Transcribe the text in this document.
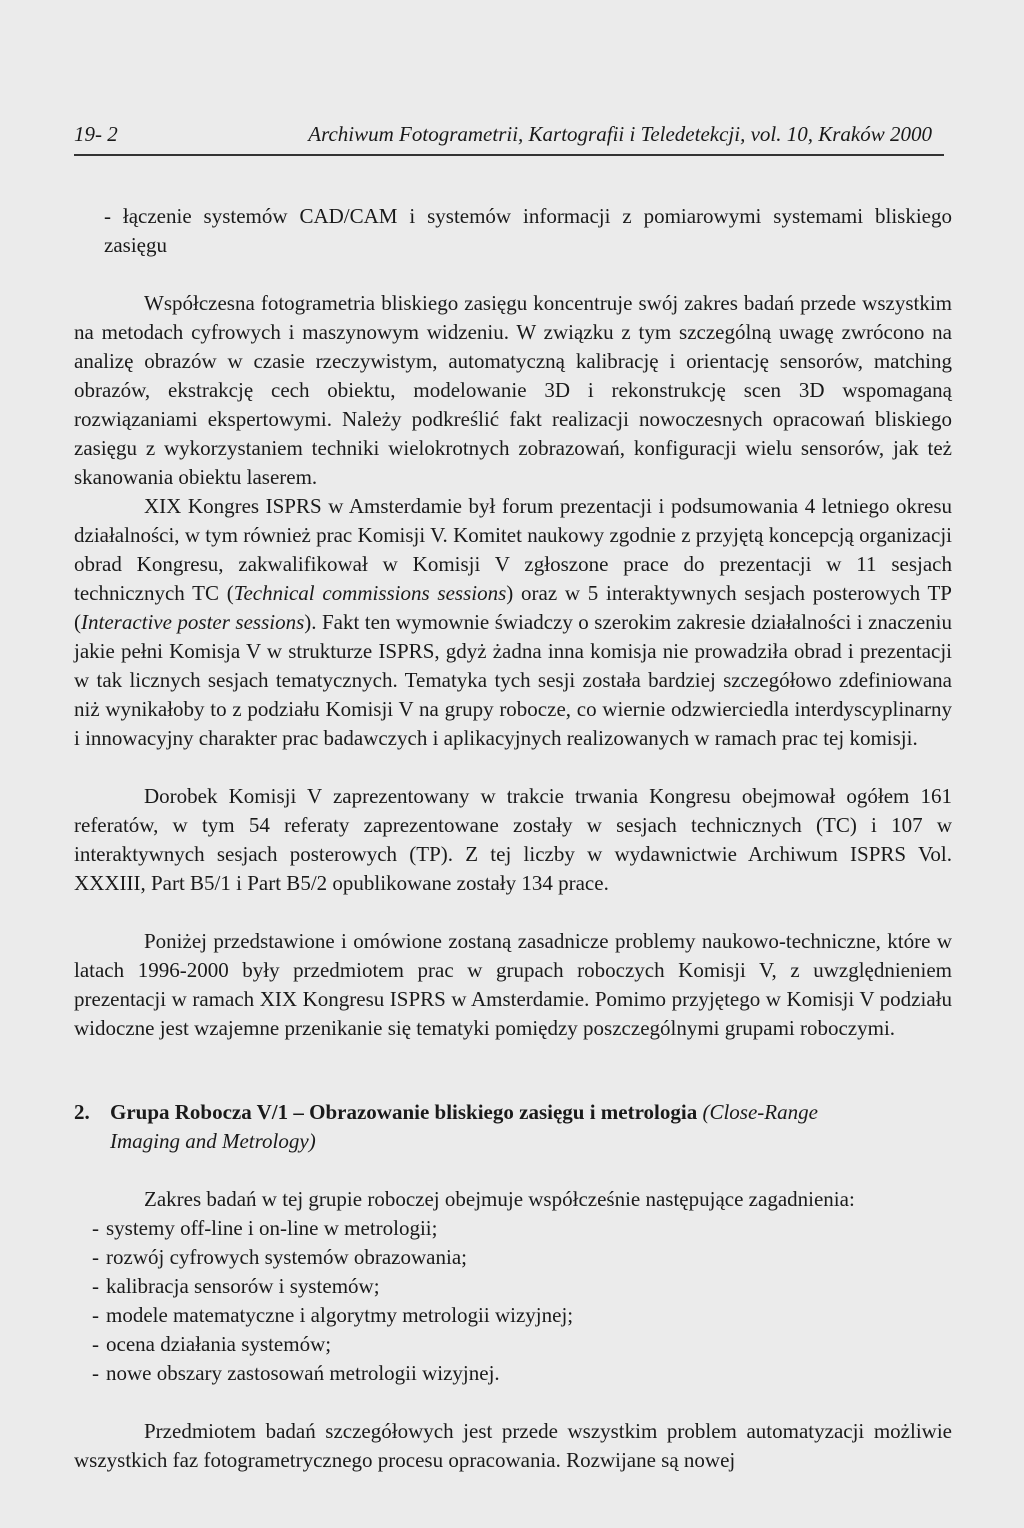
19- 2	Archiwum Fotogrametrii, Kartografii i Teledetekcji, vol. 10, Kraków 2000

- łączenie systemów CAD/CAM i systemów informacji z pomiarowymi systemami bliskiego zasięgu

Współczesna fotogrametria bliskiego zasięgu koncentruje swój zakres badań przede wszystkim na metodach cyfrowych i maszynowym widzeniu. W związku z tym szczególną uwagę zwrócono na analizę obrazów w czasie rzeczywistym, automatyczną kalibrację i orientację sensorów, matching obrazów, ekstrakcję cech obiektu, modelowanie 3D i rekonstrukcję scen 3D wspomaganą rozwiązaniami ekspertowymi. Należy podkreślić fakt realizacji nowoczesnych opracowań bliskiego zasięgu z wykorzystaniem techniki wielokrotnych zobrazowań, konfiguracji wielu sensorów, jak też skanowania obiektu laserem.

XIX Kongres ISPRS w Amsterdamie był forum prezentacji i podsumowania 4 letniego okresu działalności, w tym również prac Komisji V. Komitet naukowy zgodnie z przyjętą koncepcją organizacji obrad Kongresu, zakwalifikował w Komisji V zgłoszone prace do prezentacji w 11 sesjach technicznych TC (Technical commissions sessions) oraz w 5 interaktywnych sesjach posterowych TP (Interactive poster sessions). Fakt ten wymownie świadczy o szerokim zakresie działalności i znaczeniu jakie pełni Komisja V w strukturze ISPRS, gdyż żadna inna komisja nie prowadziła obrad i prezentacji w tak licznych sesjach tematycznych. Tematyka tych sesji została bardziej szczegółowo zdefiniowana niż wynikałoby to z podziału Komisji V na grupy robocze, co wiernie odzwierciedla interdyscyplinarny i innowacyjny charakter prac badawczych i aplikacyjnych realizowanych w ramach prac tej komisji.

Dorobek Komisji V zaprezentowany w trakcie trwania Kongresu obejmował ogółem 161 referatów, w tym 54 referaty zaprezentowane zostały w sesjach technicznych (TC) i 107 w interaktywnych sesjach posterowych (TP). Z tej liczby w wydawnictwie Archiwum ISPRS Vol. XXXIII, Part B5/1 i Part B5/2 opublikowane zostały 134 prace.

Poniżej przedstawione i omówione zostaną zasadnicze problemy naukowo-techniczne, które w latach 1996-2000 były przedmiotem prac w grupach roboczych Komisji V, z uwzględnieniem prezentacji w ramach XIX Kongresu ISPRS w Amsterdamie. Pomimo przyjętego w Komisji V podziału widoczne jest wzajemne przenikanie się tematyki pomiędzy poszczególnymi grupami roboczymi.

2. Grupa Robocza V/1 – Obrazowanie bliskiego zasięgu i metrologia (Close-Range
Imaging and Metrology)

Zakres badań w tej grupie roboczej obejmuje współcześnie następujące zagadnienia:

- systemy off-line i on-line w metrologii;
- rozwój cyfrowych systemów obrazowania;
- kalibracja sensorów i systemów;
- modele matematyczne i algorytmy metrologii wizyjnej;
- ocena działania systemów;
- nowe obszary zastosowań metrologii wizyjnej.

Przedmiotem badań szczegółowych jest przede wszystkim problem automatyzacji możliwie wszystkich faz fotogrametrycznego procesu opracowania. Rozwijane są nowej
